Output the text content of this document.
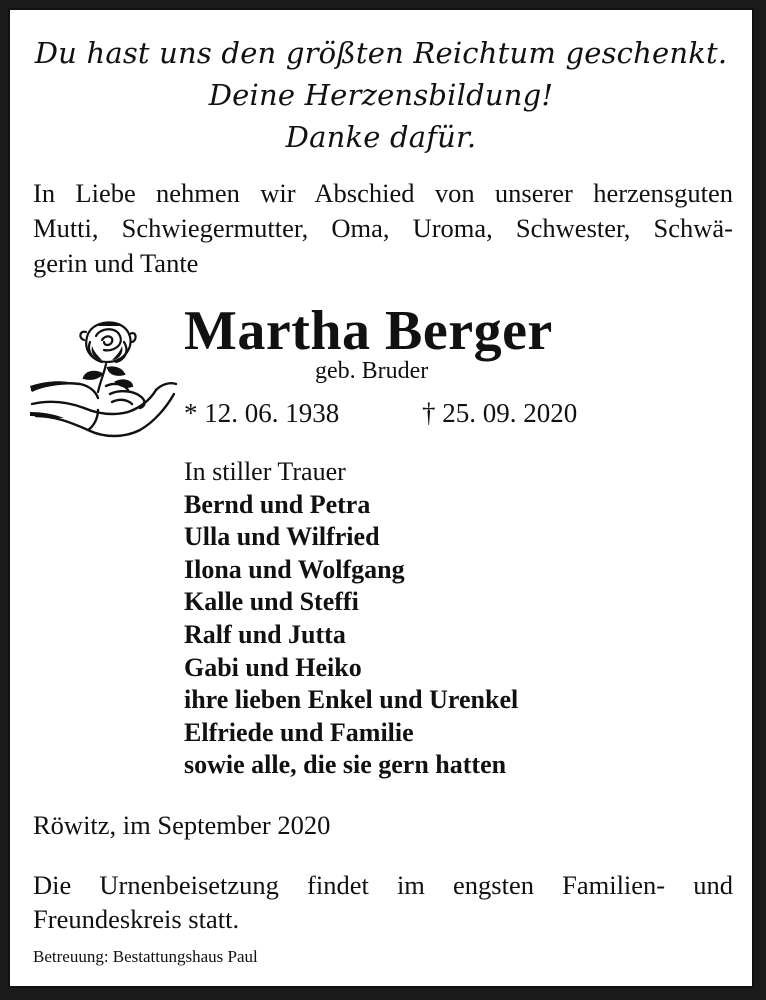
Du hast uns den größten Reichtum geschenkt.
Deine Herzensbildung!
Danke dafür.
In Liebe nehmen wir Abschied von unserer herzensguten
Mutti, Schwiegermutter, Oma, Uroma, Schwester, Schwä-
gerin und Tante
Martha Berger
geb. Bruder
* 12. 06. 1938	† 25. 09. 2020
In stiller Trauer
Bernd und Petra
Ulla und Wilfried
Ilona und Wolfgang
Kalle und Steffi
Ralf und Jutta
Gabi und Heiko
ihre lieben Enkel und Urenkel
Elfriede und Familie
sowie alle, die sie gern hatten
Röwitz, im September 2020
Die Urnenbeisetzung findet im engsten Familien- und
Freundeskreis statt.
Betreuung: Bestattungshaus Paul
